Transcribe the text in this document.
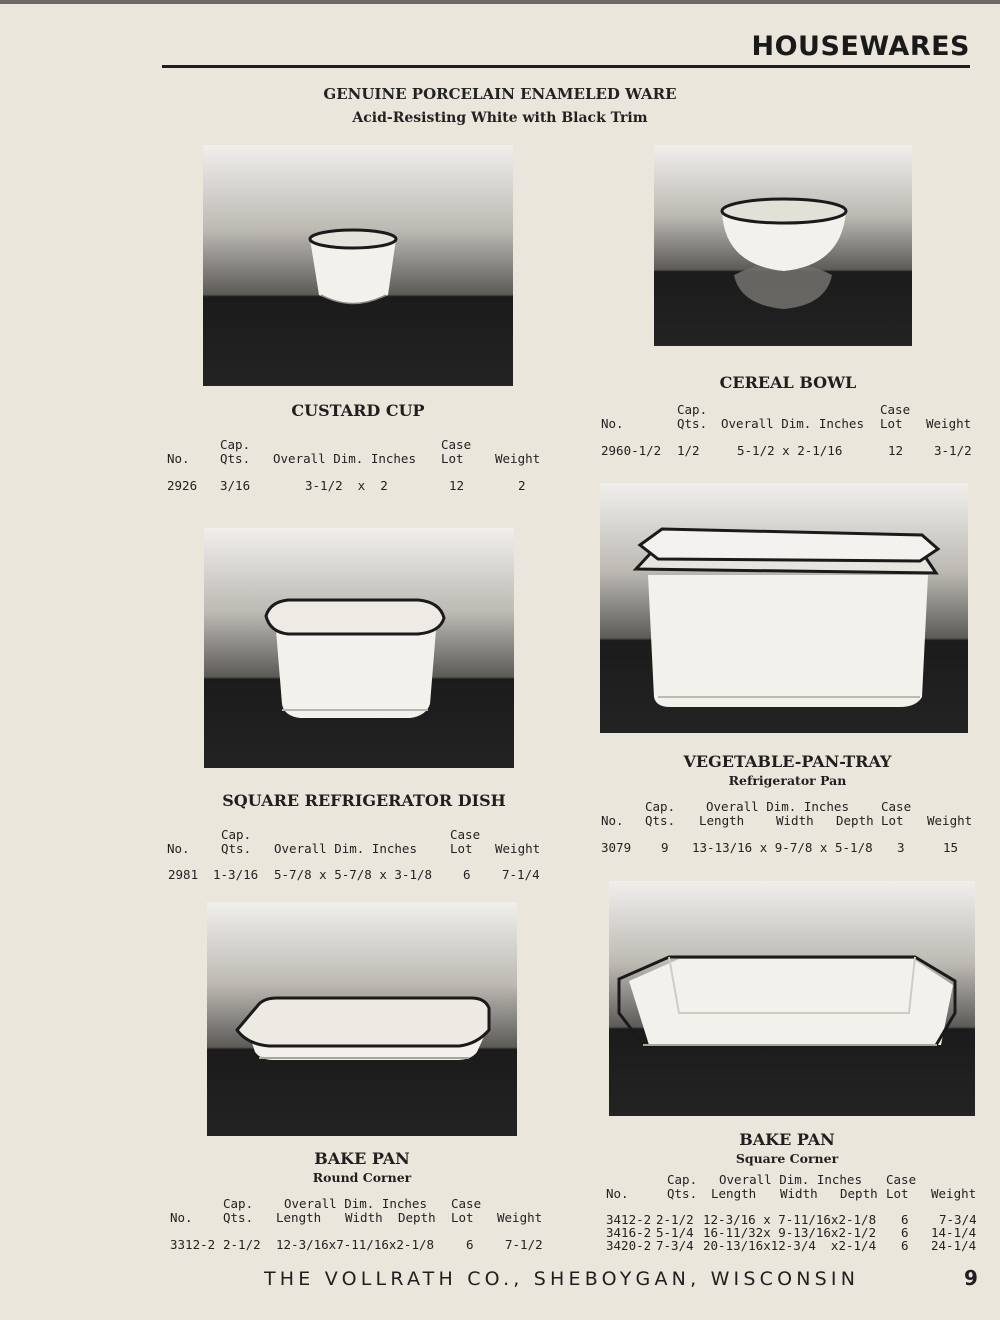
HOUSEWARES
GENUINE PORCELAIN ENAMELED WARE
Acid-Resisting White with Black Trim
CUSTARD CUP
Cap.	Case
No. Qts. Overall Dim. Inches Lot	Weight
2926 3/16	3-1/2  x  2	12	2
CEREAL BOWL
Cap.	Case
No.	Qts. Overall Dim. Inches Lot Weight
2960-1/2 1/2	5-1/2 x 2-1/16	12 3-1/2
VEGETABLE-PAN-TRAY
Refrigerator Pan
Cap. Overall Dim. Inches	Case
No. Qts. Length	Width Depth Lot Weight
3079 9 13-13/16 x 9-7/8 x 5-1/8 3	15
SQUARE REFRIGERATOR DISH
Cap.	Case
No.	Qts. Overall Dim. Inches	Lot Weight
2981 1-3/16 5-7/8 x 5-7/8 x 3-1/8 6	7-1/4
BAKE PAN
Round Corner
Cap. Overall Dim. Inches Case
No. Qts. Length Width Depth Lot Weight
3312-2 2-1/2 12-3/16x7-11/16x2-1/8	6	7-1/2
BAKE PAN
Square Corner
Cap. Overall Dim. Inches Case
No.	Qts. Length Width Depth Lot Weight
3412-2 2-1/2 12-3/16 x 7-11/16x2-1/8 6 7-3/4
3416-2 5-1/4 16-11/32x 9-13/16x2-1/2 6 14-1/4
3420-2 7-3/4 20-13/16x12-3/4  x2-1/4 6 24-1/4
THE VOLLRATH CO., SHEBOYGAN, WISCONSIN	9
